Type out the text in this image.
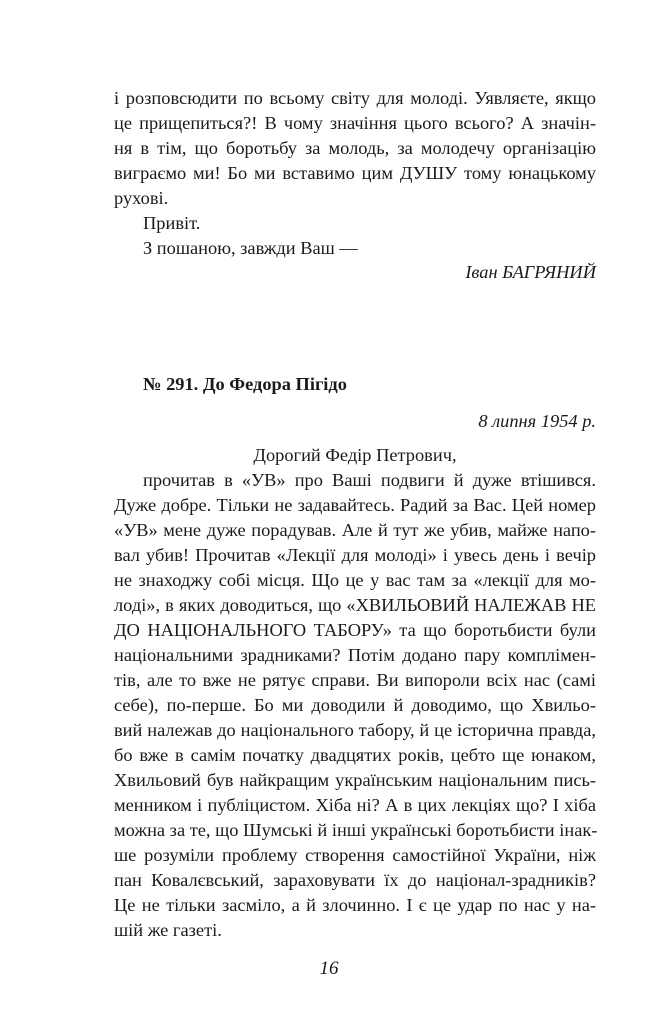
і розповсюдити по всьому світу для молоді. Уявляєте, якщо
це прищепиться?! В чому значіння цього всього? А значін-
ня в тім, що боротьбу за молодь, за молодечу організацію
виграємо ми! Бо ми вставимо цим ДУШУ тому юнацькому
рухові.
Привіт.
З пошаною, завжди Ваш —
Іван БАГРЯНИЙ
№ 291. До Федора Пігідо
8 липня 1954 р.
Дорогий Федір Петрович,
прочитав в «УВ» про Ваші подвиги й дуже втішився.
Дуже добре. Тільки не задавайтесь. Радий за Вас. Цей номер
«УВ» мене дуже порадував. Але й тут же убив, майже напо-
вал убив! Прочитав «Лекції для молоді» і увесь день і вечір
не знаходжу собі місця. Що це у вас там за «лекції для мо-
лоді», в яких доводиться, що «ХВИЛЬОВИЙ НАЛЕЖАВ НЕ
ДО НАЦІОНАЛЬНОГО ТАБОРУ» та що боротьбисти були
національними зрадниками? Потім додано пару комплімен-
тів, але то вже не рятує справи. Ви випороли всіх нас (самі
себе), по-перше. Бо ми доводили й доводимо, що Хвильо-
вий належав до національного табору, й це історична правда,
бо вже в самім початку двадцятих років, цебто ще юнаком,
Хвильовий був найкращим українським національним пись-
менником і публіцистом. Хіба ні? А в цих лекціях що? І хіба
можна за те, що Шумські й інші українські боротьбисти інак-
ше розуміли проблему створення самостійної України, ніж
пан Ковалєвський, зараховувати їх до націонал-зрадників?
Це не тільки засміло, а й злочинно. І є це удар по нас у на-
шій же газеті.
16
